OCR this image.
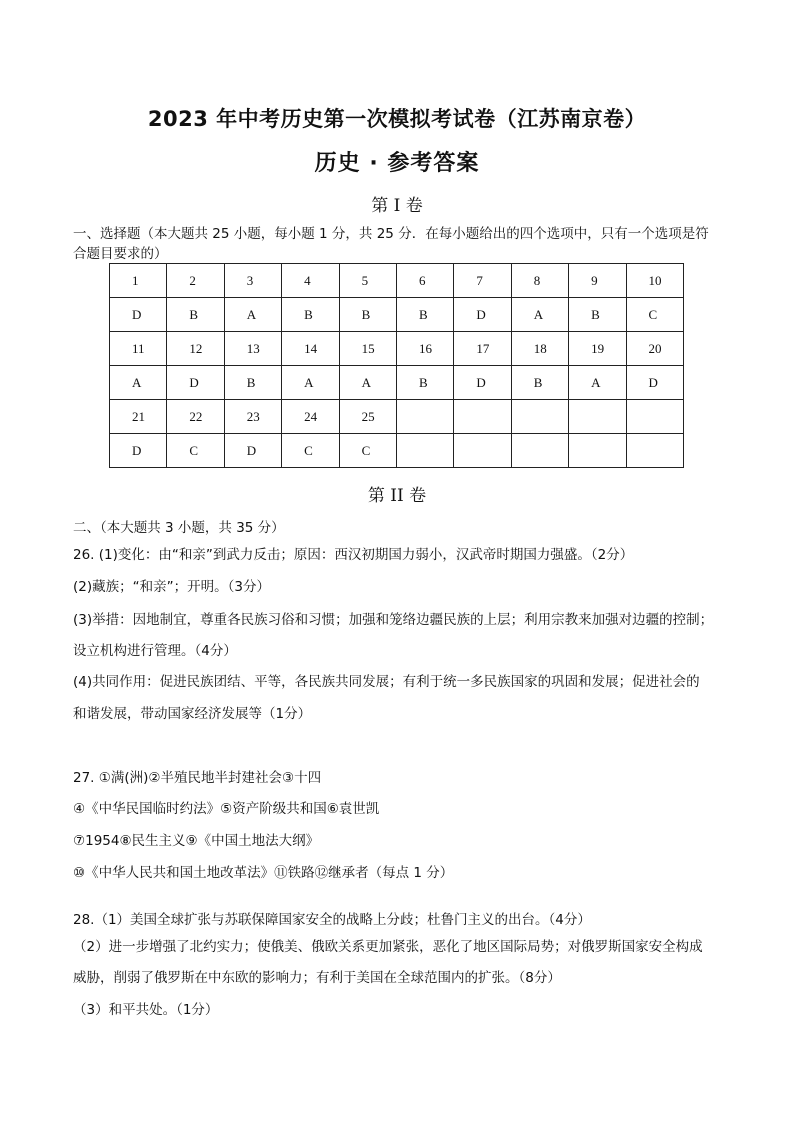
2023 年中考历史第一次模拟考试卷（江苏南京卷）
历史 · 参考答案
第 I 卷
一、选择题（本大题共 25 小题，每小题 1 分，共 25 分．在每小题给出的四个选项中，只有一个选项是符
合题目要求的）
1	2	3	4	5	6	7	8	9	10
D	B	A	B	B	B	D	A	B	C
11	12	13	14	15	16	17	18	19	20
A	D	B	A	A	B	D	B	A	D
21	22	23	24	25					
D	C	D	C	C					
第 II 卷
二、（本大题共 3 小题，共 35 分）
26. (1)变化：由“和亲”到武力反击；原因：西汉初期国力弱小，汉武帝时期国力强盛。（2分）
(2)藏族；“和亲”；开明。（3分）
(3)举措：因地制宜，尊重各民族习俗和习惯；加强和笼络边疆民族的上层；利用宗教来加强对边疆的控制；
设立机构进行管理。（4分）
(4)共同作用：促进民族团结、平等，各民族共同发展；有利于统一多民族国家的巩固和发展；促进社会的
和谐发展，带动国家经济发展等（1分）
27. ①满(洲)②半殖民地半封建社会③十四
④《中华民国临时约法》⑤资产阶级共和国⑥袁世凯
⑦1954⑧民生主义⑨《中国土地法大纲》
⑩《中华人民共和国土地改革法》⑪铁路⑫继承者（每点 1 分）
28.（1）美国全球扩张与苏联保障国家安全的战略上分歧；杜鲁门主义的出台。（4分）
（2）进一步增强了北约实力；使俄美、俄欧关系更加紧张，恶化了地区国际局势；对俄罗斯国家安全构成
威胁，削弱了俄罗斯在中东欧的影响力；有利于美国在全球范围内的扩张。（8分）
（3）和平共处。（1分）
